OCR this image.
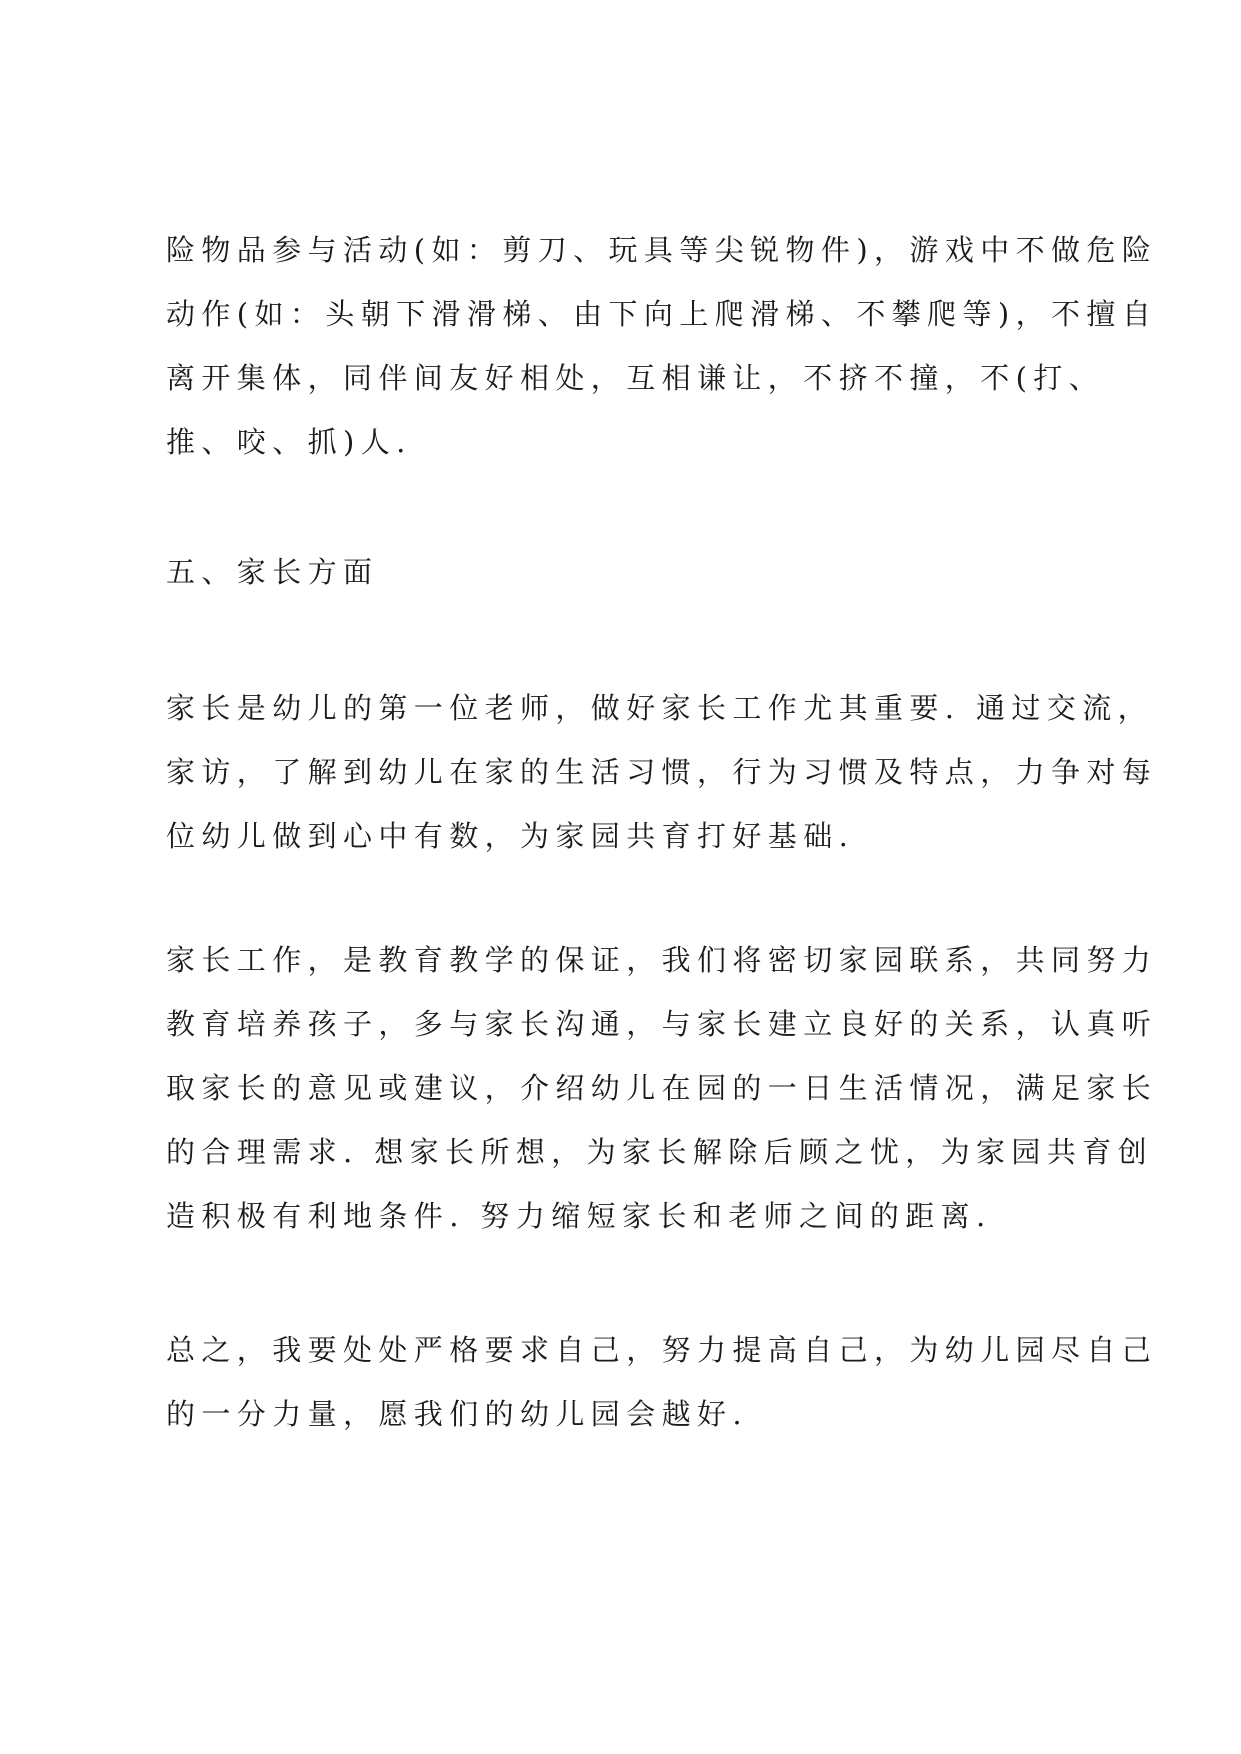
险物品参与活动(如：剪刀、玩具等尖锐物件)，游戏中不做危险
动作(如：头朝下滑滑梯、由下向上爬滑梯、不攀爬等)，不擅自
离开集体，同伴间友好相处，互相谦让，不挤不撞，不(打、
推、咬、抓)人.
五、家长方面
家长是幼儿的第一位老师，做好家长工作尤其重要. 通过交流，
家访，了解到幼儿在家的生活习惯，行为习惯及特点，力争对每
位幼儿做到心中有数，为家园共育打好基础.
家长工作，是教育教学的保证，我们将密切家园联系，共同努力
教育培养孩子，多与家长沟通，与家长建立良好的关系，认真听
取家长的意见或建议，介绍幼儿在园的一日生活情况，满足家长
的合理需求. 想家长所想，为家长解除后顾之忧，为家园共育创
造积极有利地条件. 努力缩短家长和老师之间的距离.
总之，我要处处严格要求自己，努力提高自己，为幼儿园尽自己
的一分力量，愿我们的幼儿园会越好.
